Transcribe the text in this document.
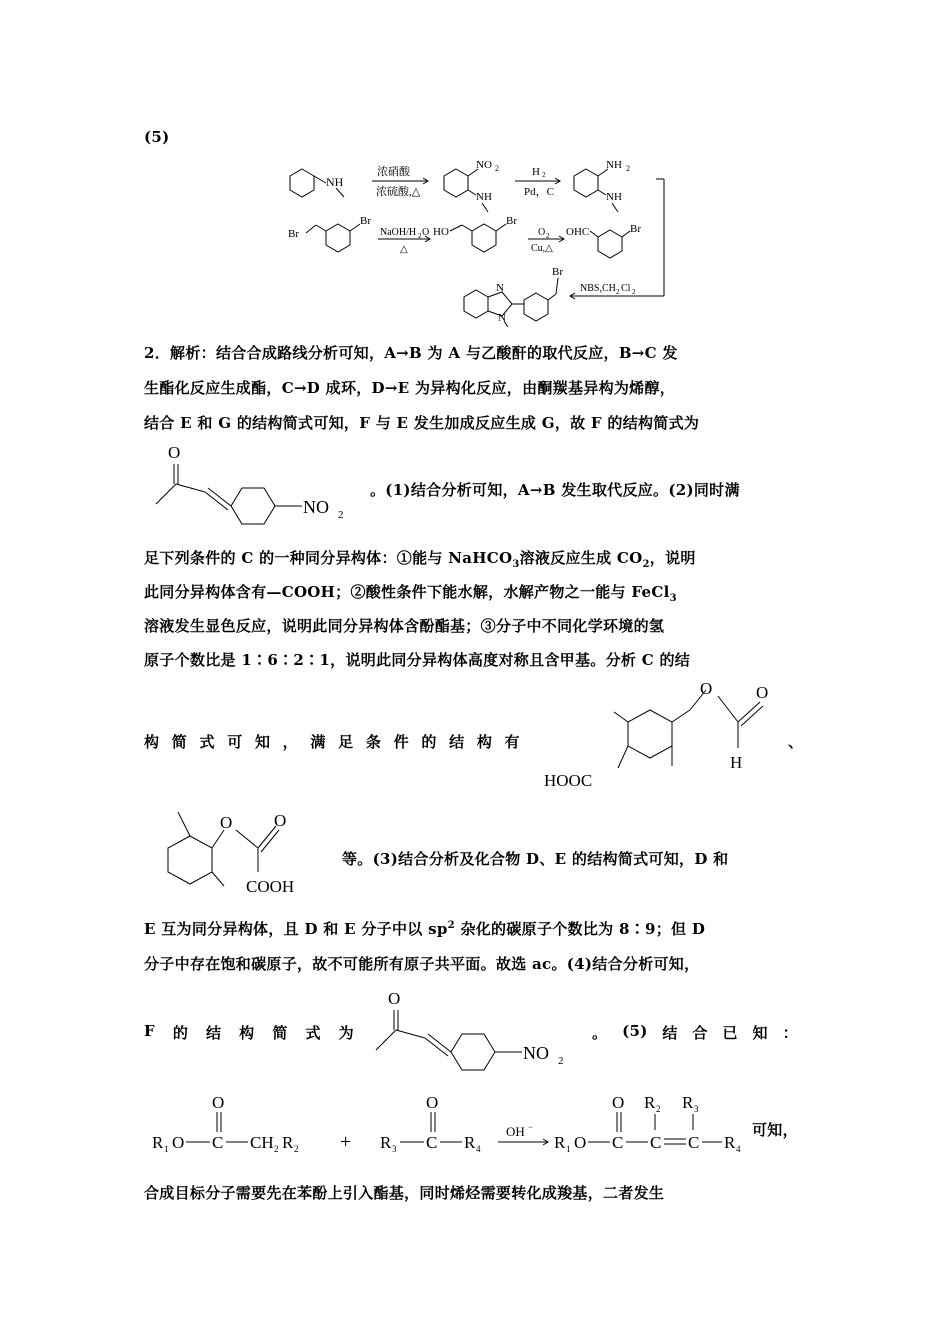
(5)
NH
浓硝酸
浓硫酸,△
NO 2
NH
H 2
Pd，C
NH 2
NH
Br
Br
NaOH/H 2 O
△
HO
Br
O 2
Cu,△
OHC	Br
NBS,CH 2 Cl 2
N
N
Br
2．解析：结合合成路线分析可知，A→B 为 A 与乙酸酐的取代反应，B→C 发
生酯化反应生成酯，C→D 成环，D→E 为异构化反应，由酮羰基异构为烯醇，
结合 E 和 G 的结构简式可知，F 与 E 发生加成反应生成 G，故 F 的结构简式为
O
NO 2
。(1)结合分析可知，A→B 发生取代反应。(2)同时满
足下列条件的 C 的一种同分异构体：①能与 NaHCO$_3$溶液反应生成 $CO_2$，说明
此同分异构体含有—COOH；②酸性条件下能水解，水解产物之一能与 FeCl$_3$
溶液发生显色反应，说明此同分异构体含酚酯基；③分子中不同化学环境的氢
原子个数比是 1∶6∶2∶1，说明此同分异构体高度对称且含甲基。分析 C 的结
构 简 式 可 知 ， 满 足 条 件 的 结 构 有
O	O
H
HOOC
、
O O
COOH
等。(3)结合分析及化合物 D、E 的结构简式可知，D 和
E 互为同分异构体，且 D 和 E 分子中以 $sp^2$ 杂化的碳原子个数比为 8∶9；但 D
分子中存在饱和碳原子，故不可能所有原子共平面。故选 ac。(4)结合分析可知，
F 的 结 构 简 式 为
O
NO 2
。 (5) 结 合 已 知 ：
R 1 O C
O
CH 2 R 2 + R 3 C
O
R 4
OH −
R 1 O C
O
C
R 2
C
R 3
R 4
可知，
合成目标分子需要先在苯酚上引入酯基，同时烯烃需要转化成羧基，二者发生
